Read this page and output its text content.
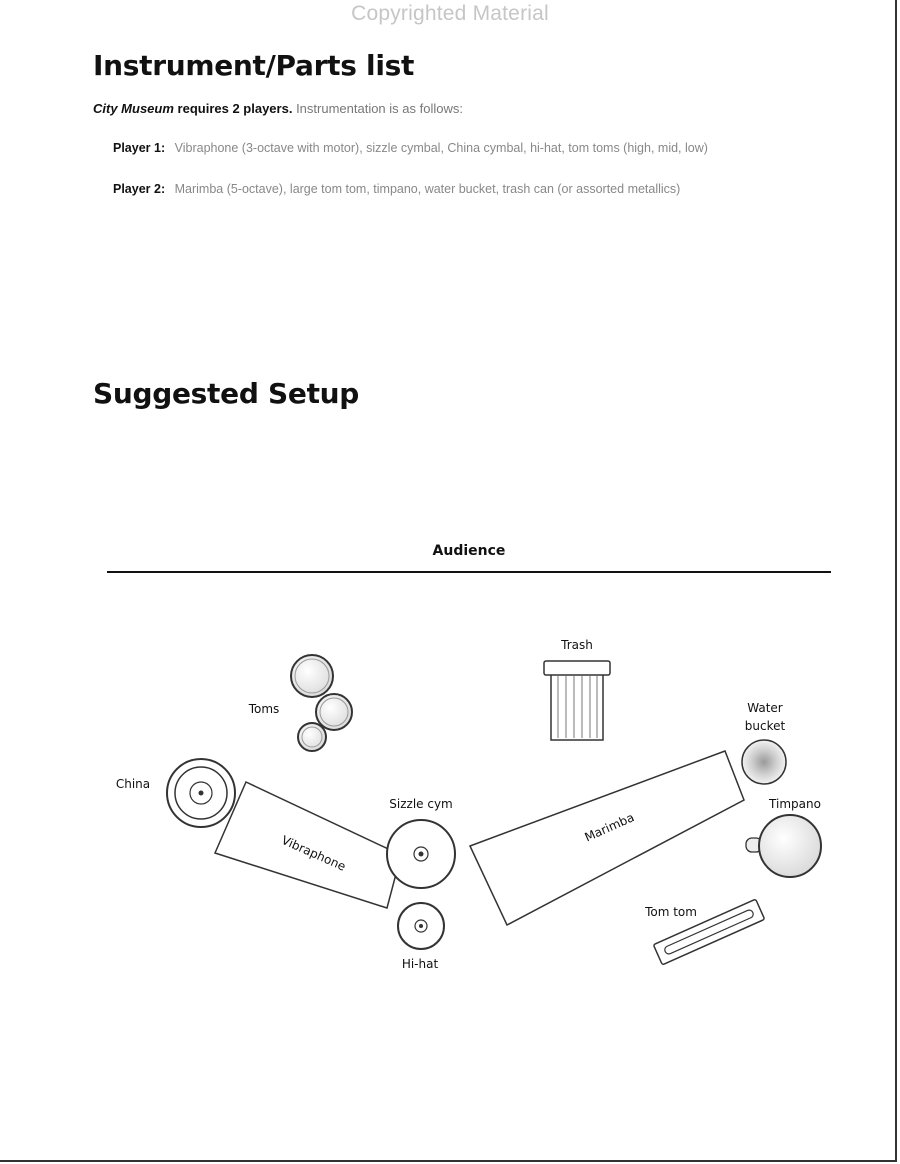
Copyrighted Material
Instrument/Parts list
City Museum requires 2 players. Instrumentation is as follows:
Player 1: Vibraphone (3-octave with motor), sizzle cymbal, China cymbal, hi-hat, tom toms (high, mid, low)
Player 2: Marimba (5-octave), large tom tom, timpano, water bucket, trash can (or assorted metallics)
Suggested Setup
Audience
Toms
Trash
Water
bucket
China
Vibraphone
Sizzle cym
Hi-hat
Marimba
Timpano
Tom tom
